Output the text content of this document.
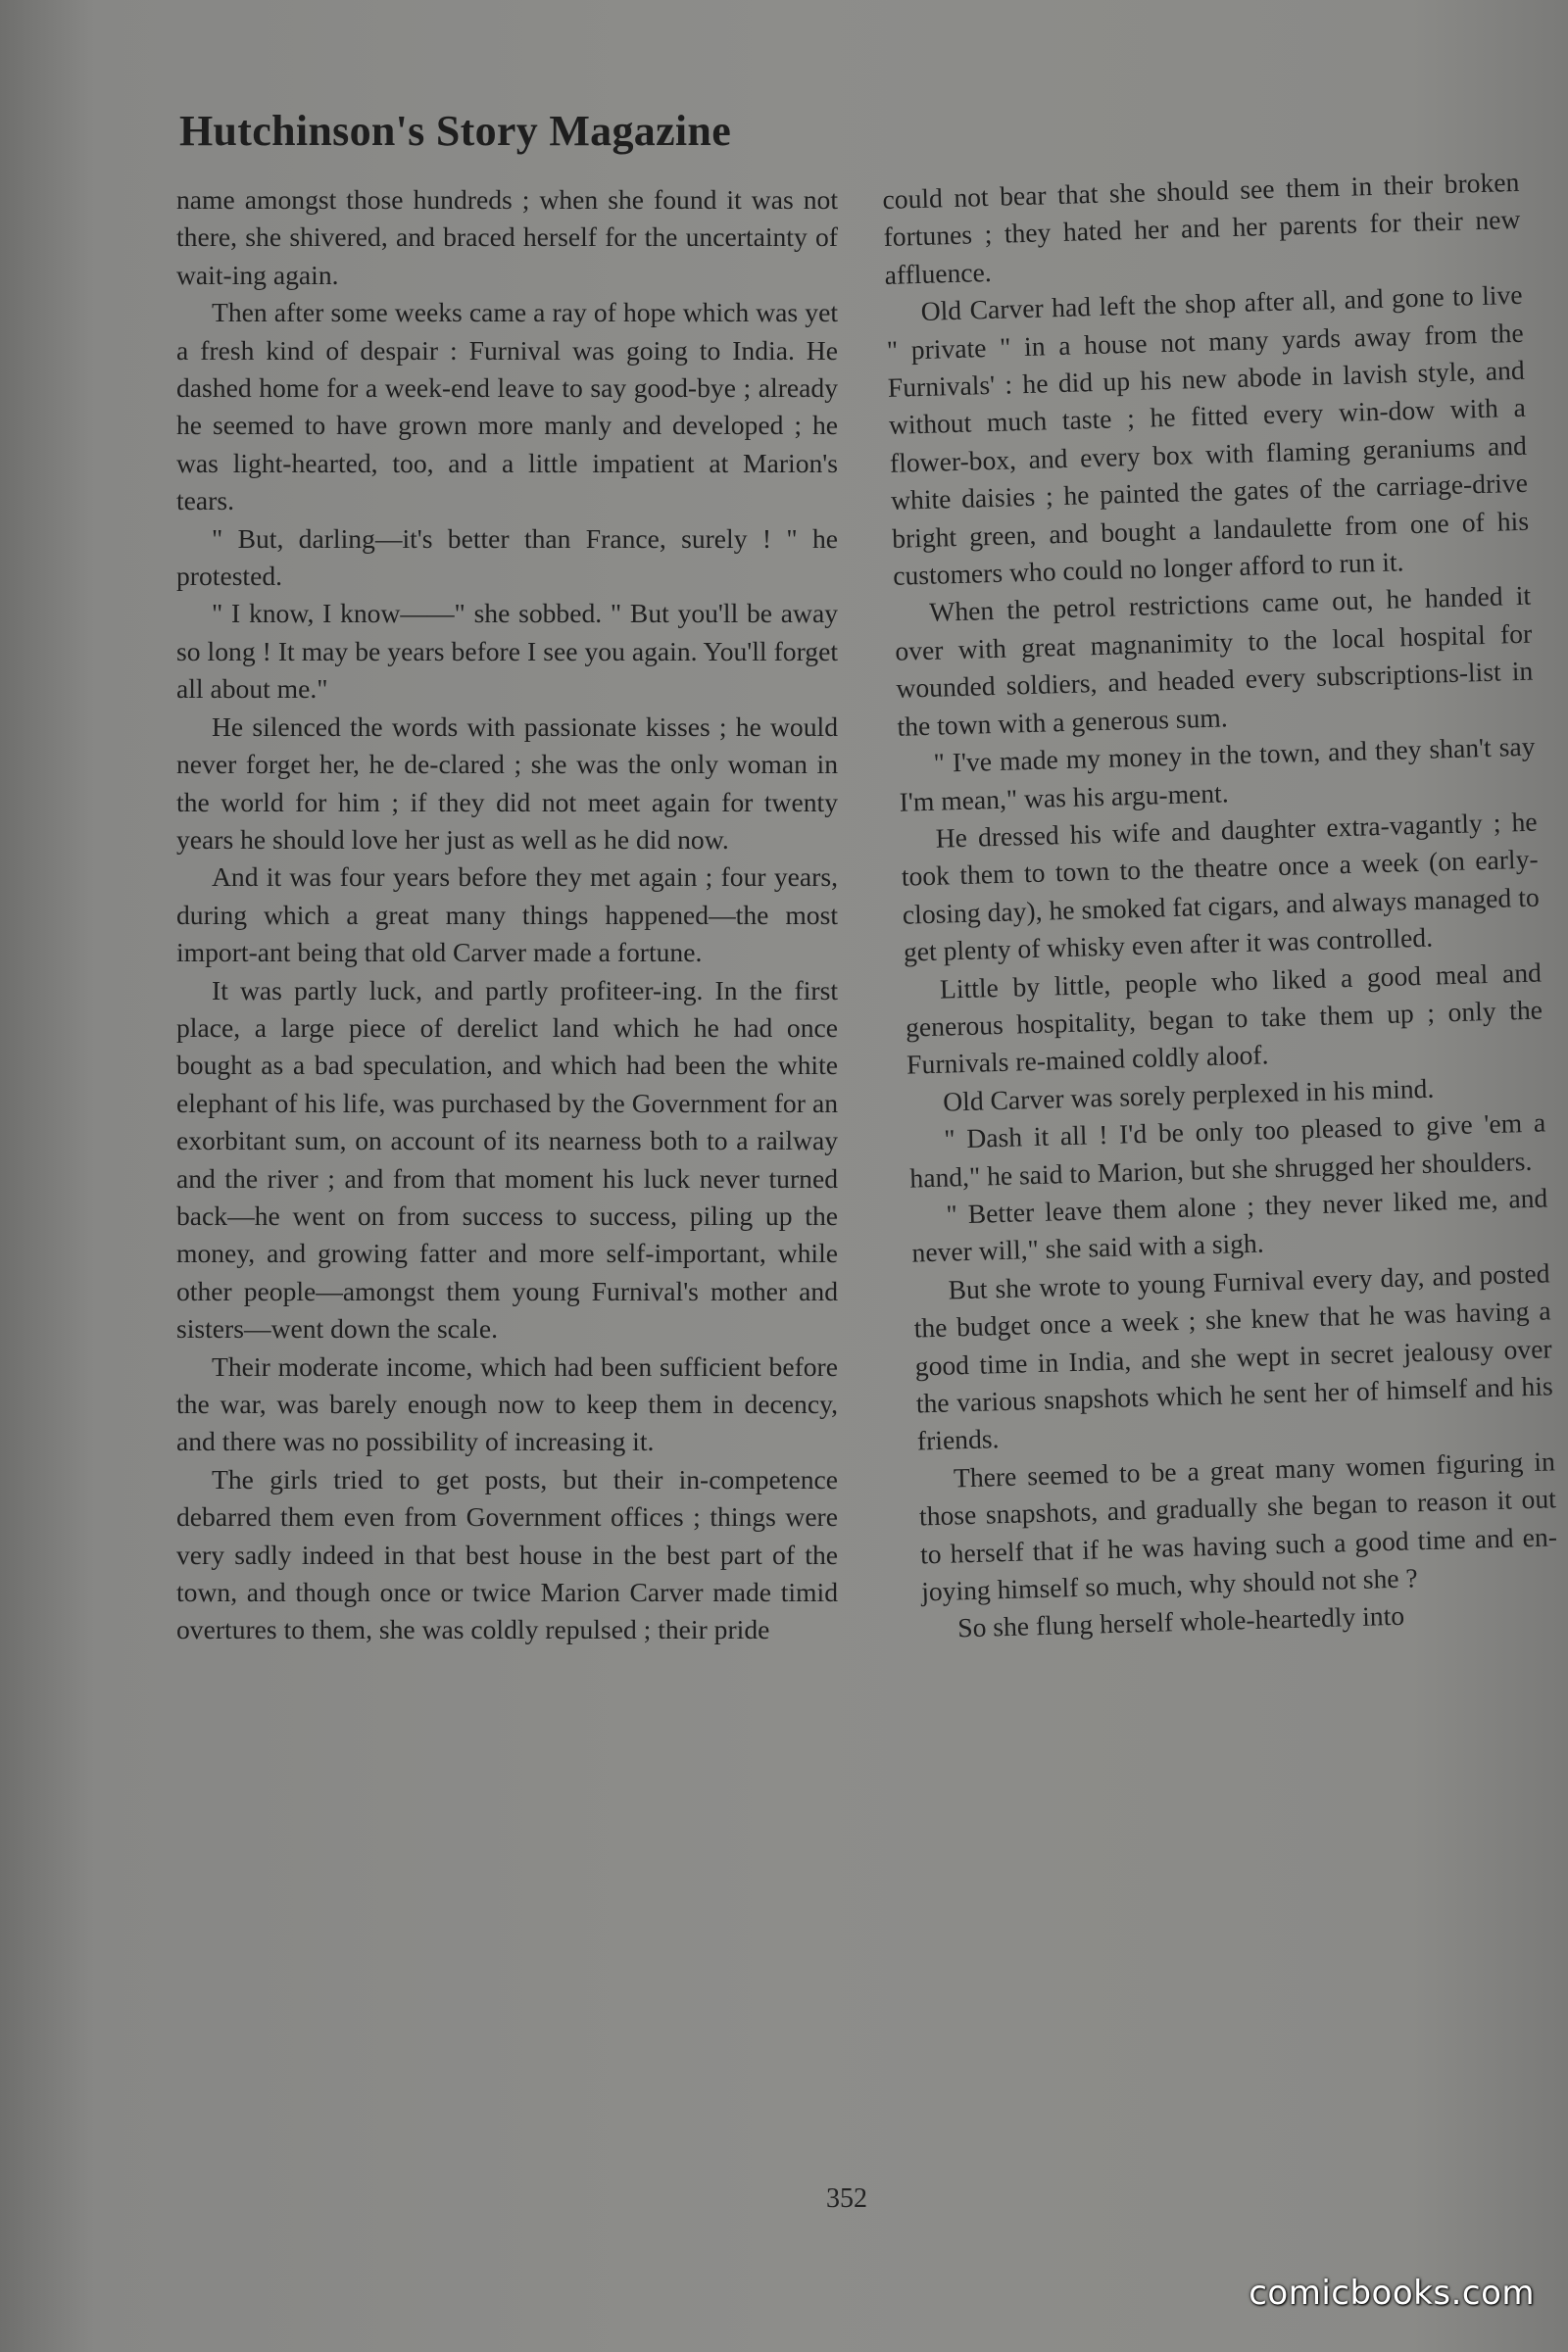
Hutchinson's Story Magazine

name amongst those hundreds ; when she found it was not there, she shivered, and braced herself for the uncertainty of wait-ing again.

Then after some weeks came a ray of hope which was yet a fresh kind of despair : Furnival was going to India. He dashed home for a week-end leave to say good-bye ; already he seemed to have grown more manly and developed ; he was light-hearted, too, and a little impatient at Marion's tears.

" But, darling—it's better than France, surely ! " he protested.

" I know, I know——" she sobbed. " But you'll be away so long ! It may be years before I see you again. You'll forget all about me."

He silenced the words with passionate kisses ; he would never forget her, he de-clared ; she was the only woman in the world for him ; if they did not meet again for twenty years he should love her just as well as he did now.

And it was four years before they met again ; four years, during which a great many things happened—the most import-ant being that old Carver made a fortune.

It was partly luck, and partly profiteer-ing. In the first place, a large piece of derelict land which he had once bought as a bad speculation, and which had been the white elephant of his life, was purchased by the Government for an exorbitant sum, on account of its nearness both to a railway and the river ; and from that moment his luck never turned back—he went on from success to success, piling up the money, and growing fatter and more self-important, while other people—amongst them young Furnival's mother and sisters—went down the scale.

Their moderate income, which had been sufficient before the war, was barely enough now to keep them in decency, and there was no possibility of increasing it.

The girls tried to get posts, but their in-competence debarred them even from Government offices ; things were very sadly indeed in that best house in the best part of the town, and though once or twice Marion Carver made timid overtures to them, she was coldly repulsed ; their pride

could not bear that she should see them in their broken fortunes ; they hated her and her parents for their new affluence.

Old Carver had left the shop after all, and gone to live " private " in a house not many yards away from the Furnivals' : he did up his new abode in lavish style, and without much taste ; he fitted every win-dow with a flower-box, and every box with flaming geraniums and white daisies ; he painted the gates of the carriage-drive bright green, and bought a landaulette from one of his customers who could no longer afford to run it.

When the petrol restrictions came out, he handed it over with great magnanimity to the local hospital for wounded soldiers, and headed every subscriptions-list in the town with a generous sum.

" I've made my money in the town, and they shan't say I'm mean," was his argu-ment.

He dressed his wife and daughter extra-vagantly ; he took them to town to the theatre once a week (on early-closing day), he smoked fat cigars, and always managed to get plenty of whisky even after it was controlled.

Little by little, people who liked a good meal and generous hospitality, began to take them up ; only the Furnivals re-mained coldly aloof.

Old Carver was sorely perplexed in his mind.

" Dash it all ! I'd be only too pleased to give 'em a hand," he said to Marion, but she shrugged her shoulders.

" Better leave them alone ; they never liked me, and never will," she said with a sigh.

But she wrote to young Furnival every day, and posted the budget once a week ; she knew that he was having a good time in India, and she wept in secret jealousy over the various snapshots which he sent her of himself and his friends.

There seemed to be a great many women figuring in those snapshots, and gradually she began to reason it out to herself that if he was having such a good time and en-joying himself so much, why should not she ?

So she flung herself whole-heartedly into

352
comicbooks.com
